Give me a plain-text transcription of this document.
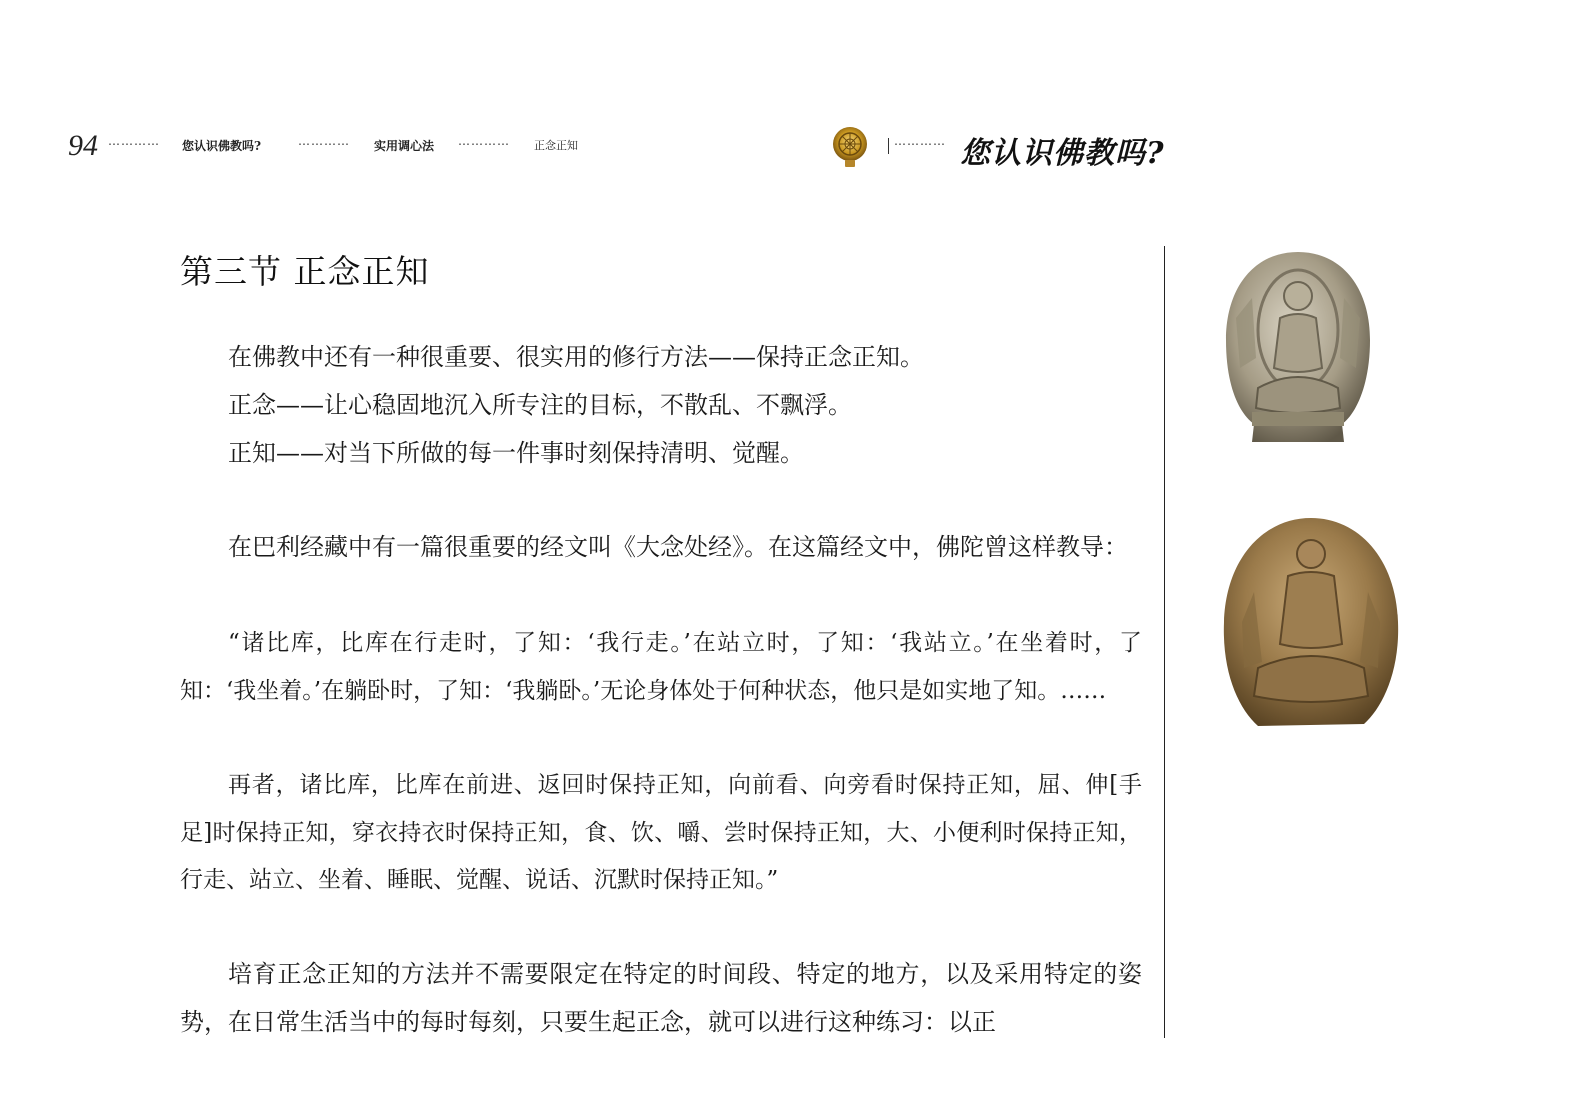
94 ………… 您认识佛教吗?	………… 实用调心法 ………… 正念正知	………… 您认识佛教吗?
第三节 正念正知
在佛教中还有一种很重要、很实用的修行方法——保持正念正知。
正念——让心稳固地沉入所专注的目标，不散乱、不飘浮。
正知——对当下所做的每一件事时刻保持清明、觉醒。

在巴利经藏中有一篇很重要的经文叫《大念处经》。在这篇经文中，佛陀曾这样教导：

“诸比库，比库在行走时，了知：‘我行走。’在站立时，了知：‘我站立。’在坐着时，了知：‘我坐着。’在躺卧时，了知：‘我躺卧。’无论身体处于何种状态，他只是如实地了知。……

再者，诸比库，比库在前进、返回时保持正知，向前看、向旁看时保持正知，屈、伸[手足]时保持正知，穿衣持衣时保持正知，食、饮、嚼、尝时保持正知，大、小便利时保持正知，行走、站立、坐着、睡眠、觉醒、说话、沉默时保持正知。”

培育正念正知的方法并不需要限定在特定的时间段、特定的地方，以及采用特定的姿势，在日常生活当中的每时每刻，只要生起正念，就可以进行这种练习：以正
